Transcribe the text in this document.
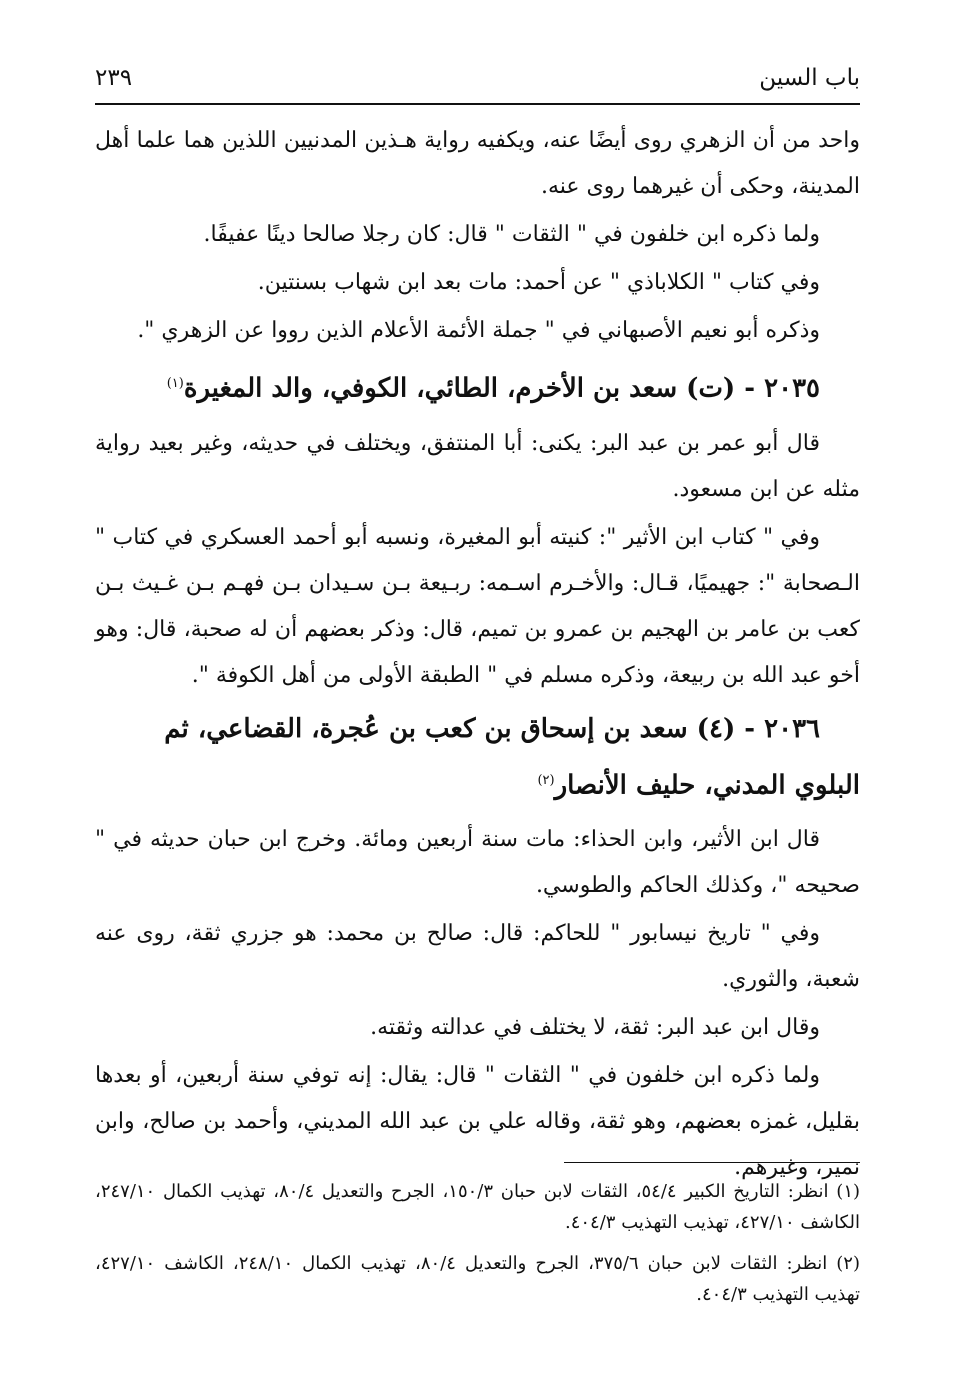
باب السين
٢٣٩

واحد من أن الزهري روى أيضًا عنه، ويكفيه رواية هـذين المدنيين اللذين هما علما أهل المدينة، وحكى أن غيرهما روى عنه.

ولما ذكره ابن خلفون في " الثقات " قال: كان رجلا صالحا دينًا عفيفًا.

وفي كتاب " الكلاباذي " عن أحمد: مات بعد ابن شهاب بسنتين.

وذكره أبو نعيم الأصبهاني في " جملة الأئمة الأعلام الذين رووا عن الزهري ".

٢٠٣٥ - (ت) سعد بن الأخرم، الطائي، الكوفي، والد المغيرة$^{(١)}$

قال أبو عمر بن عبد البر: يكنى: أبا المنتفق، ويختلف في حديثه، وغير بعيد رواية مثله عن ابن مسعود.

وفي " كتاب ابن الأثير ": كنيته أبو المغيرة، ونسبه أبو أحمد العسكري في كتاب " الـصحابة ": جهيميًا، قـال: والأخـرم اسـمه: ربـيعة بـن سـيدان بـن فهـم بـن غـيث بـن كعب بن عامر بن الهجيم بن عمرو بن تميم، قال: وذكر بعضهم أن له صحبة، قال: وهو أخو عبد الله بن ربيعة، وذكره مسلم في " الطبقة الأولى من أهل الكوفة ".

٢٠٣٦ - (٤) سعد بن إسحاق بن كعب بن عُجرة، القضاعي، ثم البلوي المدني، حليف الأنصار$^{(٢)}$

قال ابن الأثير، وابن الحذاء: مات سنة أربعين ومائة. وخرج ابن حبان حديثه في " صحيحه "، وكذلك الحاكم والطوسي.

وفي " تاريخ نيسابور " للحاكم: قال: صالح بن محمد: هو جزري ثقة، روى عنه شعبة، والثوري.

وقال ابن عبد البر: ثقة، لا يختلف في عدالته وثقته.

ولما ذكره ابن خلفون في " الثقات " قال: يقال: إنه توفي سنة أربعين، أو بعدها بقليل، غمزه بعضهم، وهو ثقة، وقاله علي بن عبد الله المديني، وأحمد بن صالح، وابن نمير، وغيرهم.

(١) انظر: التاريخ الكبير ٥٤/٤، الثقات لابن حبان ١٥٠/٣، الجرح والتعديل ٨٠/٤، تهذيب الكمال ٢٤٧/١٠، الكاشف ٤٢٧/١٠، تهذيب التهذيب ٤٠٤/٣.

(٢) انظر: الثقات لابن حبان ٣٧٥/٦، الجرح والتعديل ٨٠/٤، تهذيب الكمال ٢٤٨/١٠، الكاشف ٤٢٧/١٠، تهذيب التهذيب ٤٠٤/٣.
